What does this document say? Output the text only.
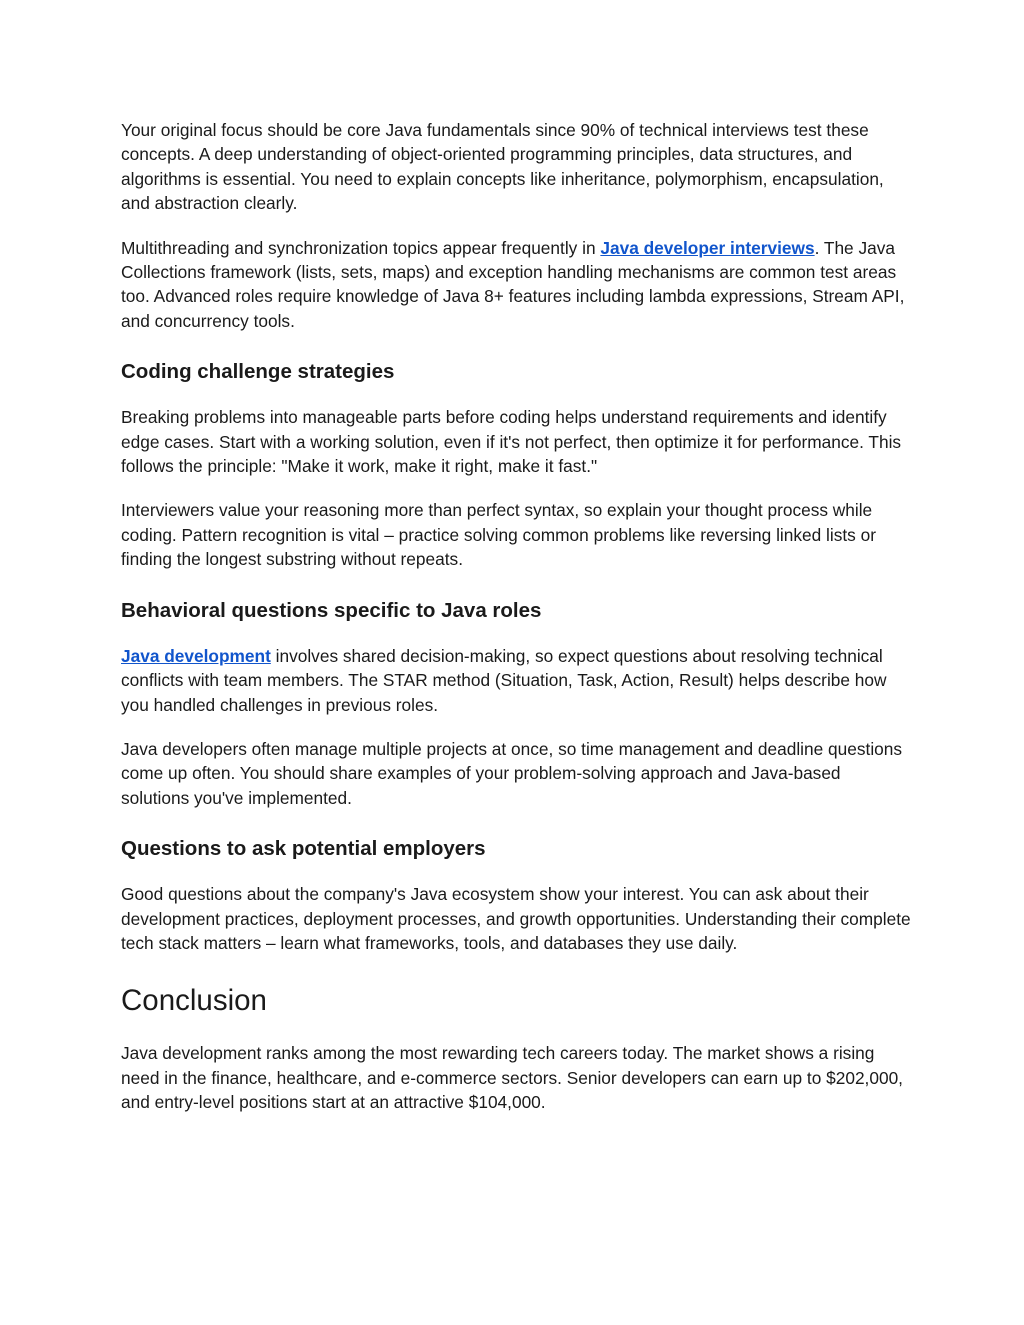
Your original focus should be core Java fundamentals since 90% of technical interviews test these concepts. A deep understanding of object-oriented programming principles, data structures, and algorithms is essential. You need to explain concepts like inheritance, polymorphism, encapsulation, and abstraction clearly.

Multithreading and synchronization topics appear frequently in Java developer interviews. The Java Collections framework (lists, sets, maps) and exception handling mechanisms are common test areas too. Advanced roles require knowledge of Java 8+ features including lambda expressions, Stream API, and concurrency tools.

Coding challenge strategies

Breaking problems into manageable parts before coding helps understand requirements and identify edge cases. Start with a working solution, even if it's not perfect, then optimize it for performance. This follows the principle: "Make it work, make it right, make it fast."

Interviewers value your reasoning more than perfect syntax, so explain your thought process while coding. Pattern recognition is vital – practice solving common problems like reversing linked lists or finding the longest substring without repeats.

Behavioral questions specific to Java roles

Java development involves shared decision-making, so expect questions about resolving technical conflicts with team members. The STAR method (Situation, Task, Action, Result) helps describe how you handled challenges in previous roles.

Java developers often manage multiple projects at once, so time management and deadline questions come up often. You should share examples of your problem-solving approach and Java-based solutions you've implemented.

Questions to ask potential employers

Good questions about the company's Java ecosystem show your interest. You can ask about their development practices, deployment processes, and growth opportunities. Understanding their complete tech stack matters – learn what frameworks, tools, and databases they use daily.

Conclusion

Java development ranks among the most rewarding tech careers today. The market shows a rising need in the finance, healthcare, and e-commerce sectors. Senior developers can earn up to $202,000, and entry-level positions start at an attractive $104,000.
